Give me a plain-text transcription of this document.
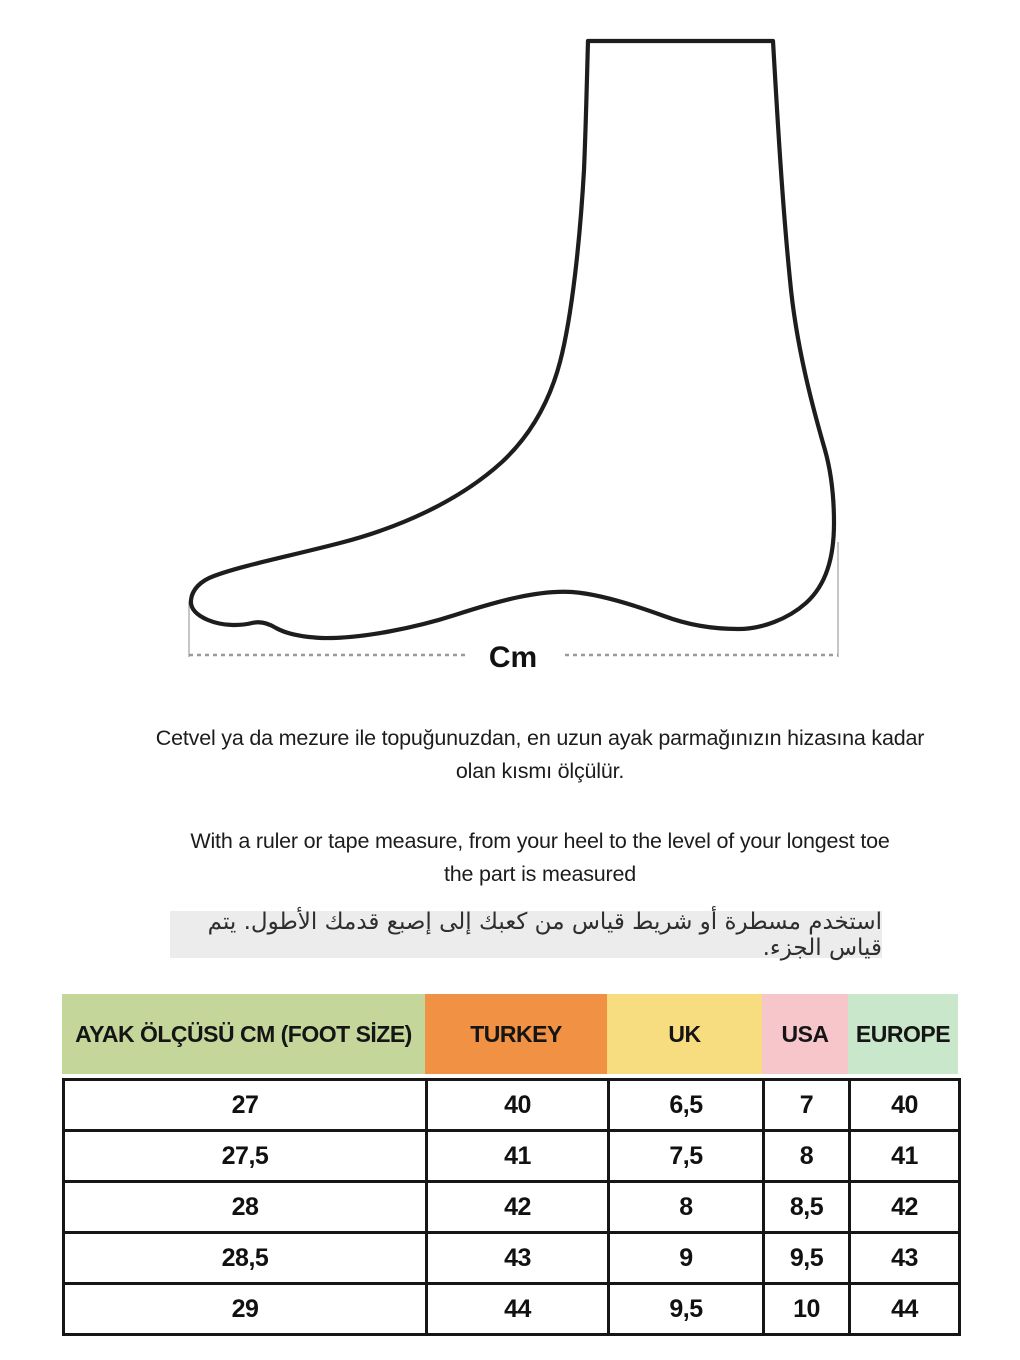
Cm
Cetvel ya da mezure ile topuğunuzdan, en uzun ayak parmağınızın hizasına kadar
olan kısmı ölçülür.
With a ruler or tape measure, from your heel to the level of your longest toe
the part is measured
استخدم مسطرة أو شريط قياس من كعبك إلى إصبع قدمك الأطول. يتم قياس الجزء.
AYAK ÖLÇÜSÜ CM (FOOT SİZE)	TURKEY	UK	USA	EUROPE
27	40	6,5	7	40
27,5	41	7,5	8	41
28	42	8	8,5	42
28,5	43	9	9,5	43
29	44	9,5	10	44
